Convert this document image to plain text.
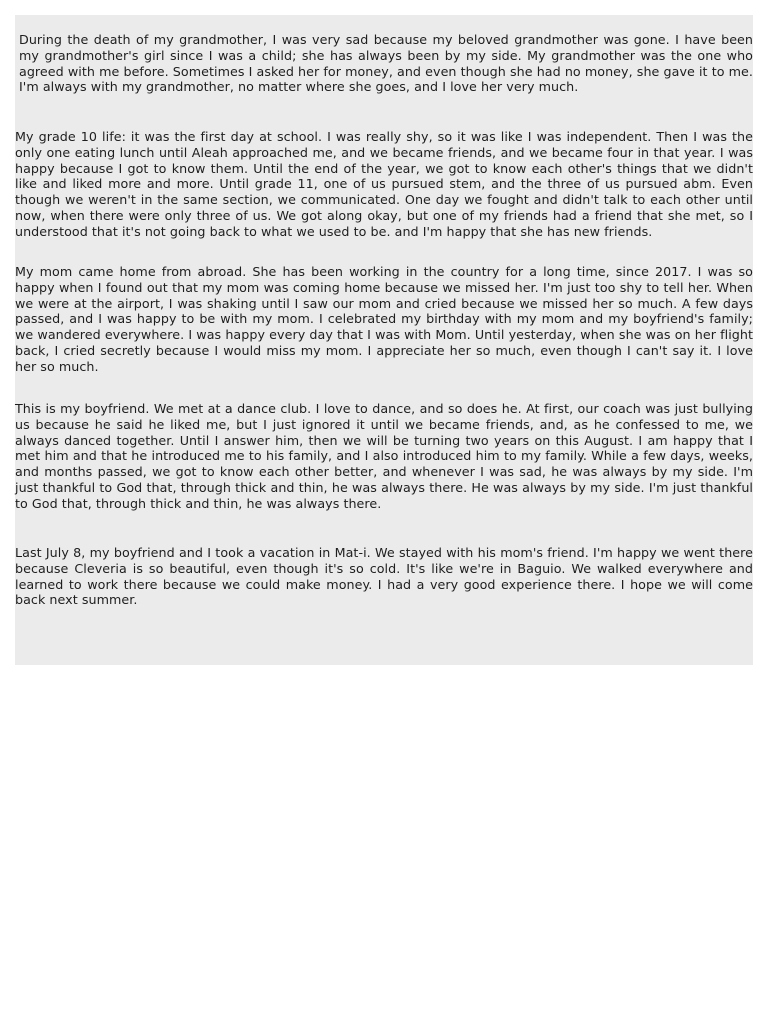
During the death of my grandmother, I was very sad because my beloved grandmother was gone. I have been my grandmother's girl since I was a child; she has always been by my side. My grandmother was the one who agreed with me before. Sometimes I asked her for money, and even though she had no money, she gave it to me. I'm always with my grandmother, no matter where she goes, and I love her very much.

My grade 10 life: it was the first day at school. I was really shy, so it was like I was independent. Then I was the only one eating lunch until Aleah approached me, and we became friends, and we became four in that year. I was happy because I got to know them. Until the end of the year, we got to know each other's things that we didn't like and liked more and more. Until grade 11, one of us pursued stem, and the three of us pursued abm. Even though we weren't in the same section, we communicated. One day we fought and didn't talk to each other until now, when there were only three of us. We got along okay, but one of my friends had a friend that she met, so I understood that it's not going back to what we used to be. and I'm happy that she has new friends.

My mom came home from abroad. She has been working in the country for a long time, since 2017. I was so happy when I found out that my mom was coming home because we missed her. I'm just too shy to tell her. When we were at the airport, I was shaking until I saw our mom and cried because we missed her so much. A few days passed, and I was happy to be with my mom. I celebrated my birthday with my mom and my boyfriend's family; we wandered everywhere. I was happy every day that I was with Mom. Until yesterday, when she was on her flight back, I cried secretly because I would miss my mom. I appreciate her so much, even though I can't say it. I love her so much.

This is my boyfriend. We met at a dance club. I love to dance, and so does he. At first, our coach was just bullying us because he said he liked me, but I just ignored it until we became friends, and, as he confessed to me, we always danced together. Until I answer him, then we will be turning two years on this August. I am happy that I met him and that he introduced me to his family, and I also introduced him to my family. While a few days, weeks, and months passed, we got to know each other better, and whenever I was sad, he was always by my side. I'm just thankful to God that, through thick and thin, he was always there. He was always by my side. I'm just thankful to God that, through thick and thin, he was always there.

Last July 8, my boyfriend and I took a vacation in Mat-i. We stayed with his mom's friend. I'm happy we went there because Cleveria is so beautiful, even though it's so cold. It's like we're in Baguio. We walked everywhere and learned to work there because we could make money. I had a very good experience there. I hope we will come back next summer.
